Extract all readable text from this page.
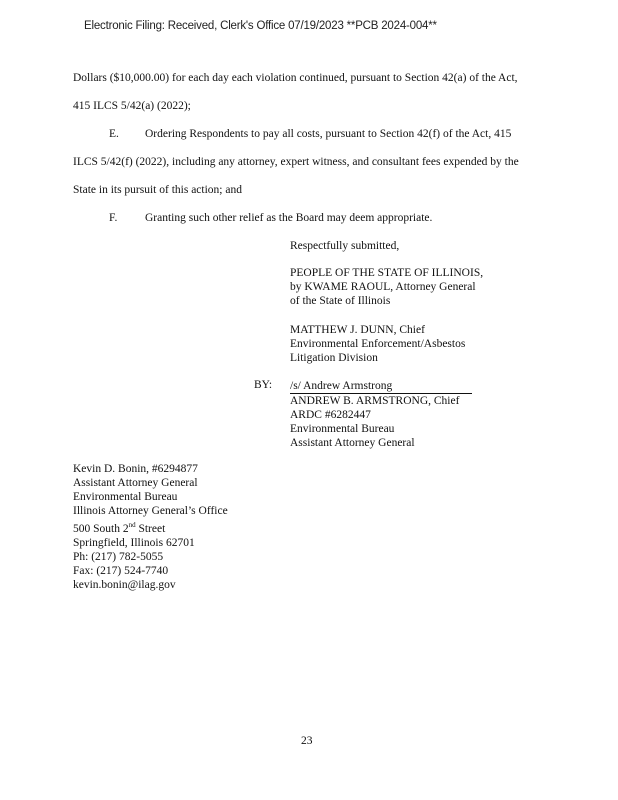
Electronic Filing: Received, Clerk's Office 07/19/2023 **PCB 2024-004**
Dollars ($10,000.00) for each day each violation continued, pursuant to Section 42(a) of the Act,
415 ILCS 5/42(a) (2022);
E. Ordering Respondents to pay all costs, pursuant to Section 42(f) of the Act, 415
ILCS 5/42(f) (2022), including any attorney, expert witness, and consultant fees expended by the
State in its pursuit of this action; and
F. Granting such other relief as the Board may deem appropriate.
Respectfully submitted,
PEOPLE OF THE STATE OF ILLINOIS,
by KWAME RAOUL, Attorney General
of the State of Illinois
MATTHEW J. DUNN, Chief
Environmental Enforcement/Asbestos
Litigation Division
BY: /s/ Andrew Armstrong
ANDREW B. ARMSTRONG, Chief
ARDC #6282447
Environmental Bureau
Assistant Attorney General
Kevin D. Bonin, #6294877
Assistant Attorney General
Environmental Bureau
Illinois Attorney General’s Office
500 South 2nd Street
Springfield, Illinois 62701
Ph: (217) 782-5055
Fax: (217) 524-7740
kevin.bonin@ilag.gov
23
